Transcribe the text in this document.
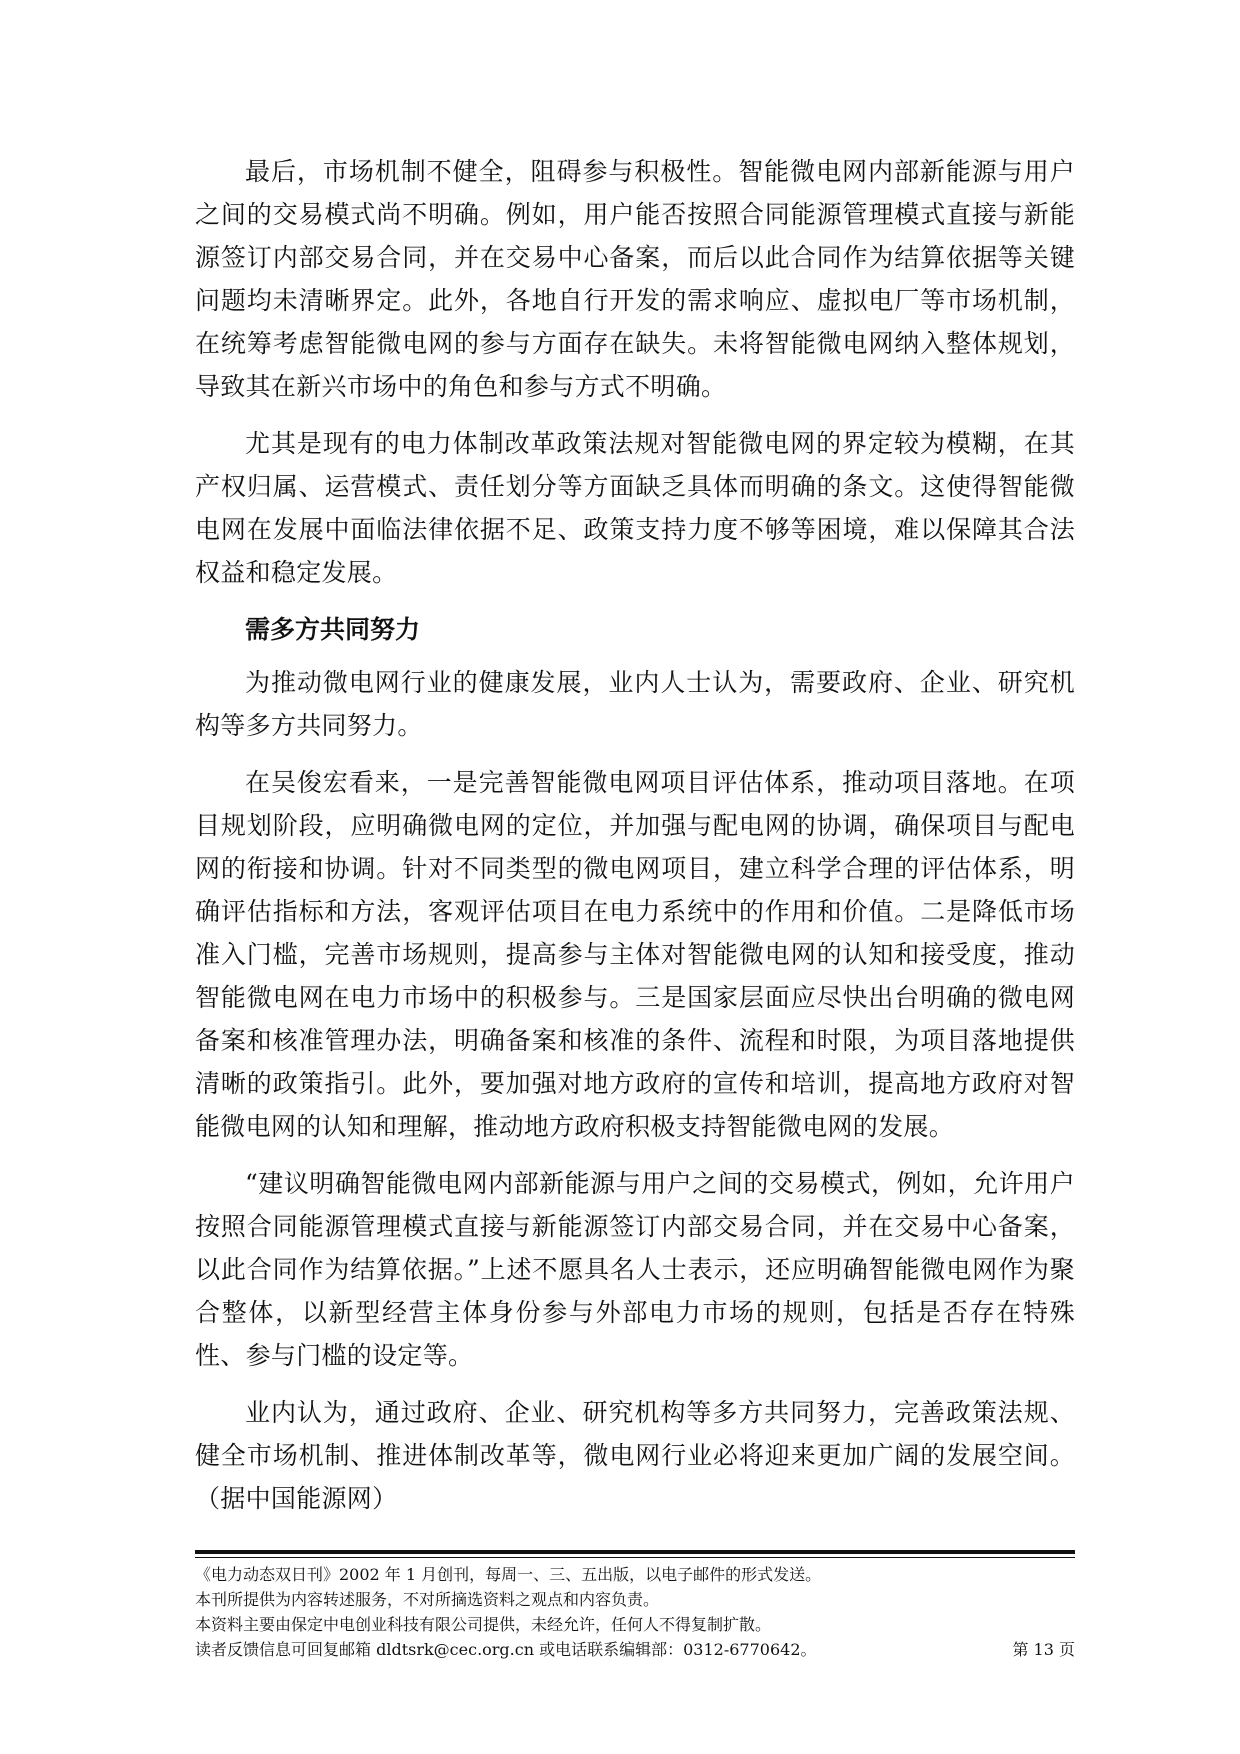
最后，市场机制不健全，阻碍参与积极性。智能微电网内部新能源与用户之间的交易模式尚不明确。例如，用户能否按照合同能源管理模式直接与新能源签订内部交易合同，并在交易中心备案，而后以此合同作为结算依据等关键问题均未清晰界定。此外，各地自行开发的需求响应、虚拟电厂等市场机制，在统筹考虑智能微电网的参与方面存在缺失。未将智能微电网纳入整体规划，导致其在新兴市场中的角色和参与方式不明确。

尤其是现有的电力体制改革政策法规对智能微电网的界定较为模糊，在其产权归属、运营模式、责任划分等方面缺乏具体而明确的条文。这使得智能微电网在发展中面临法律依据不足、政策支持力度不够等困境，难以保障其合法权益和稳定发展。

需多方共同努力

为推动微电网行业的健康发展，业内人士认为，需要政府、企业、研究机构等多方共同努力。

在吴俊宏看来，一是完善智能微电网项目评估体系，推动项目落地。在项目规划阶段，应明确微电网的定位，并加强与配电网的协调，确保项目与配电网的衔接和协调。针对不同类型的微电网项目，建立科学合理的评估体系，明确评估指标和方法，客观评估项目在电力系统中的作用和价值。二是降低市场准入门槛，完善市场规则，提高参与主体对智能微电网的认知和接受度，推动智能微电网在电力市场中的积极参与。三是国家层面应尽快出台明确的微电网备案和核准管理办法，明确备案和核准的条件、流程和时限，为项目落地提供清晰的政策指引。此外，要加强对地方政府的宣传和培训，提高地方政府对智能微电网的认知和理解，推动地方政府积极支持智能微电网的发展。

“建议明确智能微电网内部新能源与用户之间的交易模式，例如，允许用户按照合同能源管理模式直接与新能源签订内部交易合同，并在交易中心备案，以此合同作为结算依据。”上述不愿具名人士表示，还应明确智能微电网作为聚合整体，以新型经营主体身份参与外部电力市场的规则，包括是否存在特殊性、参与门槛的设定等。

业内认为，通过政府、企业、研究机构等多方共同努力，完善政策法规、健全市场机制、推进体制改革等，微电网行业必将迎来更加广阔的发展空间。（据中国能源网）

《电力动态双日刊》2002 年 1 月创刊，每周一、三、五出版，以电子邮件的形式发送。
本刊所提供为内容转述服务，不对所摘选资料之观点和内容负责。
本资料主要由保定中电创业科技有限公司提供，未经允许，任何人不得复制扩散。
读者反馈信息可回复邮箱 dldtsrk@cec.org.cn 或电话联系编辑部：0312-6770642。	第 13 页
